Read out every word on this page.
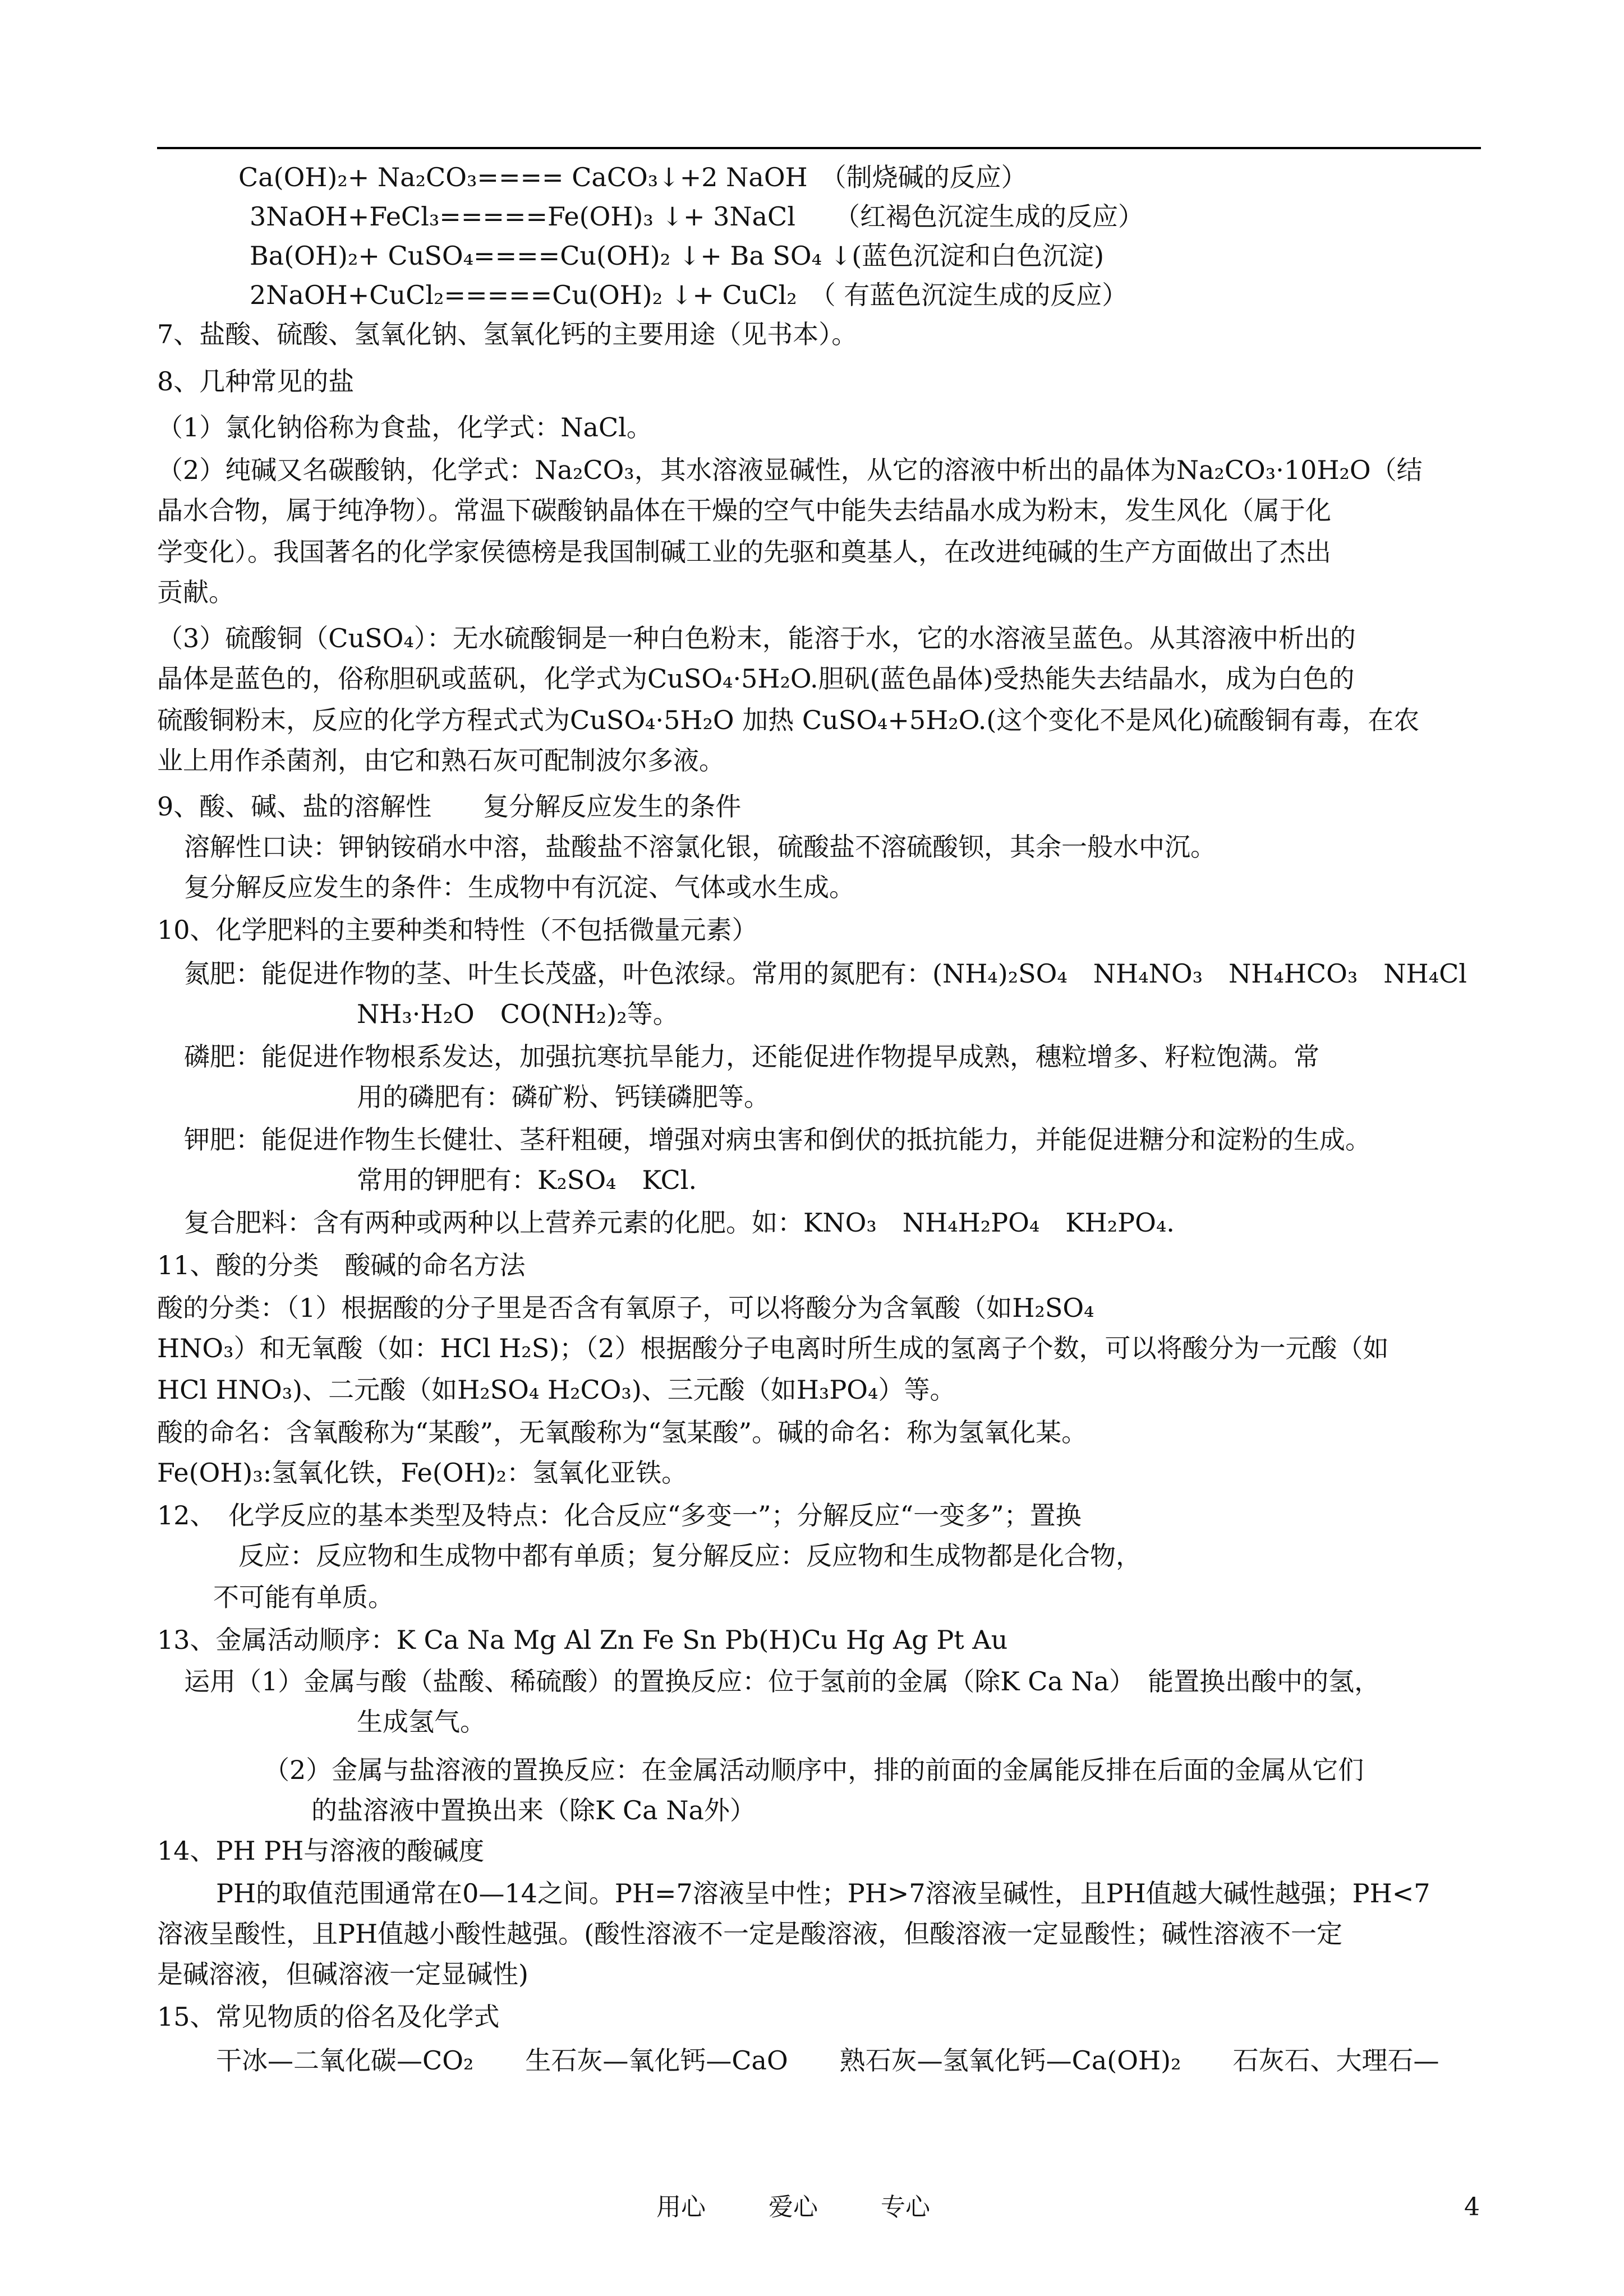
Ca(OH)₂+ Na₂CO₃==== CaCO₃↓+2 NaOH　（制烧碱的反应）
3NaOH+FeCl₃=====Fe(OH)₃ ↓+ 3NaCl　　（红褐色沉淀生成的反应）
Ba(OH)₂+ CuSO₄====Cu(OH)₂ ↓+ Ba SO₄ ↓(蓝色沉淀和白色沉淀)
2NaOH+CuCl₂=====Cu(OH)₂ ↓+ CuCl₂　（ 有蓝色沉淀生成的反应）
7、盐酸、硫酸、氢氧化钠、氢氧化钙的主要用途（见书本）。
8、几种常见的盐
（1）氯化钠俗称为食盐，化学式：NaCl。
（2）纯碱又名碳酸钠，化学式：Na₂CO₃，其水溶液显碱性，从它的溶液中析出的晶体为Na₂CO₃·10H₂O（结
晶水合物，属于纯净物）。常温下碳酸钠晶体在干燥的空气中能失去结晶水成为粉末，发生风化（属于化
学变化）。我国著名的化学家侯德榜是我国制碱工业的先驱和奠基人，在改进纯碱的生产方面做出了杰出
贡献。
（3）硫酸铜（CuSO₄）：无水硫酸铜是一种白色粉末，能溶于水，它的水溶液呈蓝色。从其溶液中析出的
晶体是蓝色的，俗称胆矾或蓝矾，化学式为CuSO₄·5H₂O.胆矾(蓝色晶体)受热能失去结晶水，成为白色的
硫酸铜粉末，反应的化学方程式式为CuSO₄·5H₂O 加热 CuSO₄+5H₂O.(这个变化不是风化)硫酸铜有毒，在农
业上用作杀菌剂，由它和熟石灰可配制波尔多液。
9、酸、碱、盐的溶解性　　复分解反应发生的条件
溶解性口诀：钾钠铵硝水中溶，盐酸盐不溶氯化银，硫酸盐不溶硫酸钡，其余一般水中沉。
复分解反应发生的条件：生成物中有沉淀、气体或水生成。
10、化学肥料的主要种类和特性（不包括微量元素）
氮肥：能促进作物的茎、叶生长茂盛，叶色浓绿。常用的氮肥有：(NH₄)₂SO₄　NH₄NO₃　NH₄HCO₃　NH₄Cl
NH₃·H₂O　CO(NH₂)₂等。
磷肥：能促进作物根系发达，加强抗寒抗旱能力，还能促进作物提早成熟，穗粒增多、籽粒饱满。常
用的磷肥有：磷矿粉、钙镁磷肥等。
钾肥：能促进作物生长健壮、茎秆粗硬，增强对病虫害和倒伏的抵抗能力，并能促进糖分和淀粉的生成。
常用的钾肥有：K₂SO₄　KCl.
复合肥料：含有两种或两种以上营养元素的化肥。如：KNO₃　NH₄H₂PO₄　KH₂PO₄.
11、酸的分类　酸碱的命名方法
酸的分类：（1）根据酸的分子里是否含有氧原子，可以将酸分为含氧酸（如H₂SO₄
HNO₃）和无氧酸（如：HCl H₂S)；（2）根据酸分子电离时所生成的氢离子个数，可以将酸分为一元酸（如
HCl HNO₃)、二元酸（如H₂SO₄ H₂CO₃)、三元酸（如H₃PO₄）等。
酸的命名：含氧酸称为“某酸”，无氧酸称为“氢某酸”。碱的命名：称为氢氧化某。
Fe(OH)₃:氢氧化铁，Fe(OH)₂：氢氧化亚铁。
12、　化学反应的基本类型及特点：化合反应“多变一”；分解反应“一变多”；置换
反应：反应物和生成物中都有单质；复分解反应：反应物和生成物都是化合物，
不可能有单质。
13、金属活动顺序：K Ca Na Mg Al Zn Fe Sn Pb(H)Cu Hg Ag Pt Au
运用（1）金属与酸（盐酸、稀硫酸）的置换反应：位于氢前的金属（除K Ca Na）　能置换出酸中的氢，
生成氢气。
（2）金属与盐溶液的置换反应：在金属活动顺序中，排的前面的金属能反排在后面的金属从它们
的盐溶液中置换出来（除K Ca Na外）
14、PH PH与溶液的酸碱度
PH的取值范围通常在0—14之间。PH=7溶液呈中性；PH>7溶液呈碱性，且PH值越大碱性越强；PH<7
溶液呈酸性，且PH值越小酸性越强。(酸性溶液不一定是酸溶液，但酸溶液一定显酸性；碱性溶液不一定
是碱溶液，但碱溶液一定显碱性)
15、常见物质的俗名及化学式
干冰—二氧化碳—CO₂　　生石灰—氧化钙—CaO　　熟石灰—氢氧化钙—Ca(OH)₂　　石灰石、大理石—
用心	爱心	专心	4
